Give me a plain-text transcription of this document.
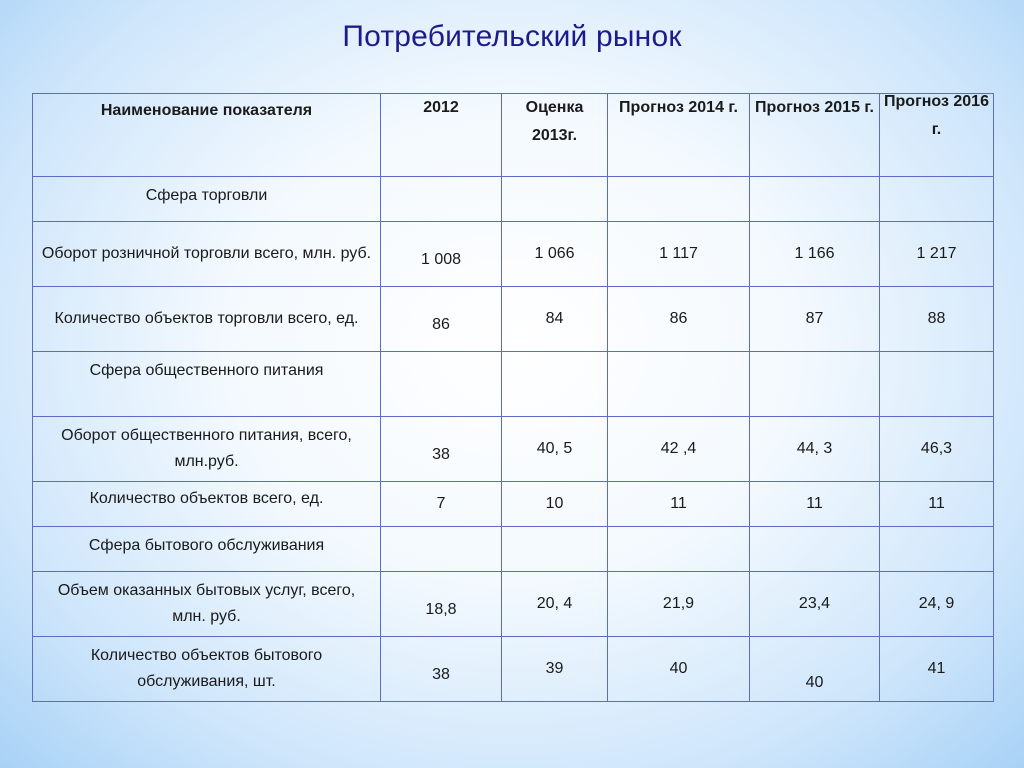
Потребительский рынок
Наименование показателя	2012	Оценка 2013г.	Прогноз 2014 г.	Прогноз 2015 г.	Прогноз 2016 г.
Сфера торговли					
Оборот розничной торговли всего, млн. руб.	1 008	1 066	1 117	1 166	1 217
Количество объектов торговли всего, ед.	86	84	86	87	88
Сфера общественного питания					
Оборот общественного питания, всего, млн.руб.	38	40, 5	42 ,4	44, 3	46,3
Количество объектов всего, ед.	7	10	11	11	11
Сфера бытового обслуживания					
Объем оказанных бытовых услуг, всего, млн. руб.	18,8	20, 4	21,9	23,4	24, 9
Количество объектов бытового обслуживания, шт.	38	39	40	40	41
